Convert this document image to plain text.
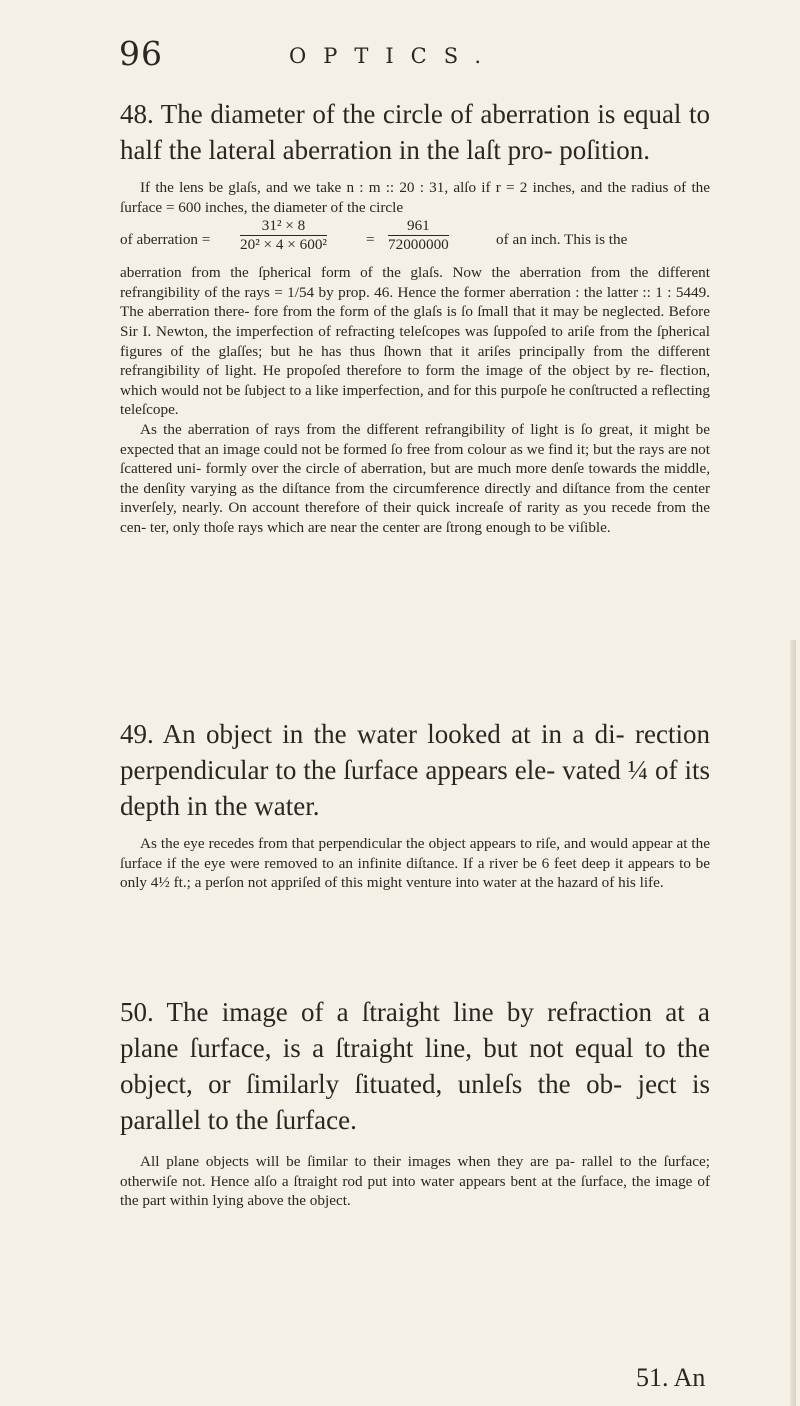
96	OPTICS.
48. The diameter of the circle of aberration is equal to half the lateral aberration in the laſt pro- poſition.

If the lens be glaſs, and we take n : m :: 20 : 31, alſo if r = 2 inches, and the radius of the ſurface = 600 inches, the diameter of the circle

of aberration = $\frac{\text{31² × 8}}{\text{20² × 4 × 600²}}$	= $\frac{961}{72000000}$	of an inch. This is the

aberration from the ſpherical form of the glaſs. Now the aberration from the different refrangibility of the rays = 1/54 by prop. 46. Hence the former aberration : the latter :: 1 : 5449. The aberration there- fore from the form of the glaſs is ſo ſmall that it may be neglected. Before Sir I. Newton, the imperfection of refracting teleſcopes was ſuppoſed to ariſe from the ſpherical figures of the glaſſes; but he has thus ſhown that it ariſes principally from the different refrangibility of light. He propoſed therefore to form the image of the object by re- flection, which would not be ſubject to a like imperfection, and for this purpoſe he conſtructed a reflecting teleſcope.

As the aberration of rays from the different refrangibility of light is ſo great, it might be expected that an image could not be formed ſo free from colour as we find it; but the rays are not ſcattered uni- formly over the circle of aberration, but are much more denſe towards the middle, the denſity varying as the diſtance from the circumference directly and diſtance from the center inverſely, nearly. On account therefore of their quick increaſe of rarity as you recede from the cen- ter, only thoſe rays which are near the center are ſtrong enough to be viſible.

49. An object in the water looked at in a di- rection perpendicular to the ſurface appears ele- vated ¼ of its depth in the water.

As the eye recedes from that perpendicular the object appears to riſe, and would appear at the ſurface if the eye were removed to an infinite diſtance. If a river be 6 feet deep it appears to be only 4½ ft.; a perſon not appriſed of this might venture into water at the hazard of his life.

50. The image of a ſtraight line by refraction at a plane ſurface, is a ſtraight line, but not equal to the object, or ſimilarly ſituated, unleſs the ob- ject is parallel to the ſurface.

All plane objects will be ſimilar to their images when they are pa- rallel to the ſurface; otherwiſe not. Hence alſo a ſtraight rod put into water appears bent at the ſurface, the image of the part within lying above the object.

51. An
